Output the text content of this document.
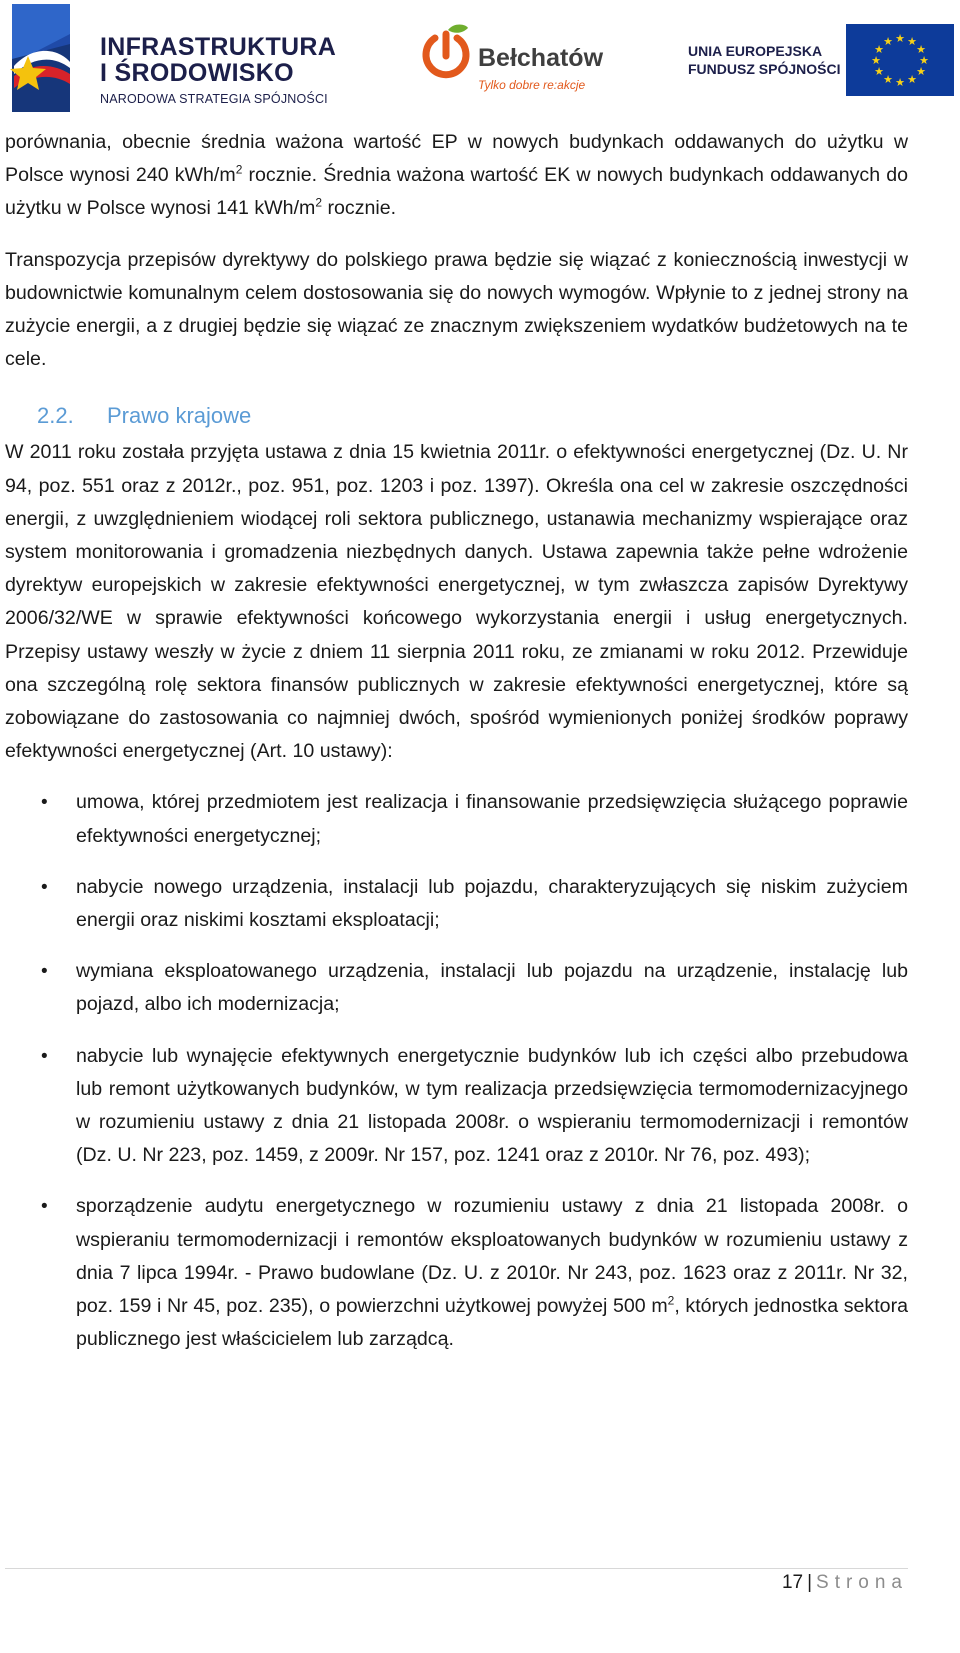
INFRASTRUKTURA
I ŚRODOWISKO
NARODOWA STRATEGIA SPÓJNOŚCI
Bełchatów
Tylko dobre re:akcje
UNIA EUROPEJSKA
FUNDUSZ SPÓJNOŚCI
★ ★
★
★
★
★
★
★
★
★
★
★

porównania, obecnie średnia ważona wartość EP w nowych budynkach oddawanych do użytku w Polsce wynosi 240 kWh/$m^2$ rocznie. Średnia ważona wartość EK w nowych budynkach oddawanych do użytku w Polsce wynosi 141 kWh/$m^2$ rocznie.

Transpozycja przepisów dyrektywy do polskiego prawa będzie się wiązać z koniecznością inwestycji w budownictwie komunalnym celem dostosowania się do nowych wymogów. Wpłynie to z jednej strony na zużycie energii, a z drugiej będzie się wiązać ze znacznym zwiększeniem wydatków budżetowych na te cele.

2.2. Prawo krajowe

W 2011 roku została przyjęta ustawa z dnia 15 kwietnia 2011r. o efektywności energetycznej (Dz. U. Nr 94, poz. 551 oraz z 2012r., poz. 951, poz. 1203 i poz. 1397). Określa ona cel w zakresie oszczędności energii, z uwzględnieniem wiodącej roli sektora publicznego, ustanawia mechanizmy wspierające oraz system monitorowania i gromadzenia niezbędnych danych. Ustawa zapewnia także pełne wdrożenie dyrektyw europejskich w zakresie efektywności energetycznej, w tym zwłaszcza zapisów Dyrektywy 2006/32/WE w sprawie efektywności końcowego wykorzystania energii i usług energetycznych. Przepisy ustawy weszły w życie z dniem 11 sierpnia 2011 roku, ze zmianami w roku 2012. Przewiduje ona szczególną rolę sektora finansów publicznych w zakresie efektywności energetycznej, które są zobowiązane do zastosowania co najmniej dwóch, spośród wymienionych poniżej środków poprawy efektywności energetycznej (Art. 10 ustawy):

• umowa, której przedmiotem jest realizacja i finansowanie przedsięwzięcia służącego poprawie efektywności energetycznej;
• nabycie nowego urządzenia, instalacji lub pojazdu, charakteryzujących się niskim zużyciem energii oraz niskimi kosztami eksploatacji;
• wymiana eksploatowanego urządzenia, instalacji lub pojazdu na urządzenie, instalację lub pojazd, albo ich modernizacja;
• nabycie lub wynajęcie efektywnych energetycznie budynków lub ich części albo przebudowa lub remont użytkowanych budynków, w tym realizacja przedsięwzięcia termomodernizacyjnego w rozumieniu ustawy z dnia 21 listopada 2008r. o wspieraniu termomodernizacji i remontów (Dz. U. Nr 223, poz. 1459, z 2009r. Nr 157, poz. 1241 oraz z 2010r. Nr 76, poz. 493);
• sporządzenie audytu energetycznego w rozumieniu ustawy z dnia 21 listopada 2008r. o wspieraniu termomodernizacji i remontów eksploatowanych budynków w rozumieniu ustawy z dnia 7 lipca 1994r. - Prawo budowlane (Dz. U. z 2010r. Nr 243, poz. 1623 oraz z 2011r. Nr 32, poz. 159 i Nr 45, poz. 235), o powierzchni użytkowej powyżej 500 $m^2$, których jednostka sektora publicznego jest właścicielem lub zarządcą.
17 | Strona
